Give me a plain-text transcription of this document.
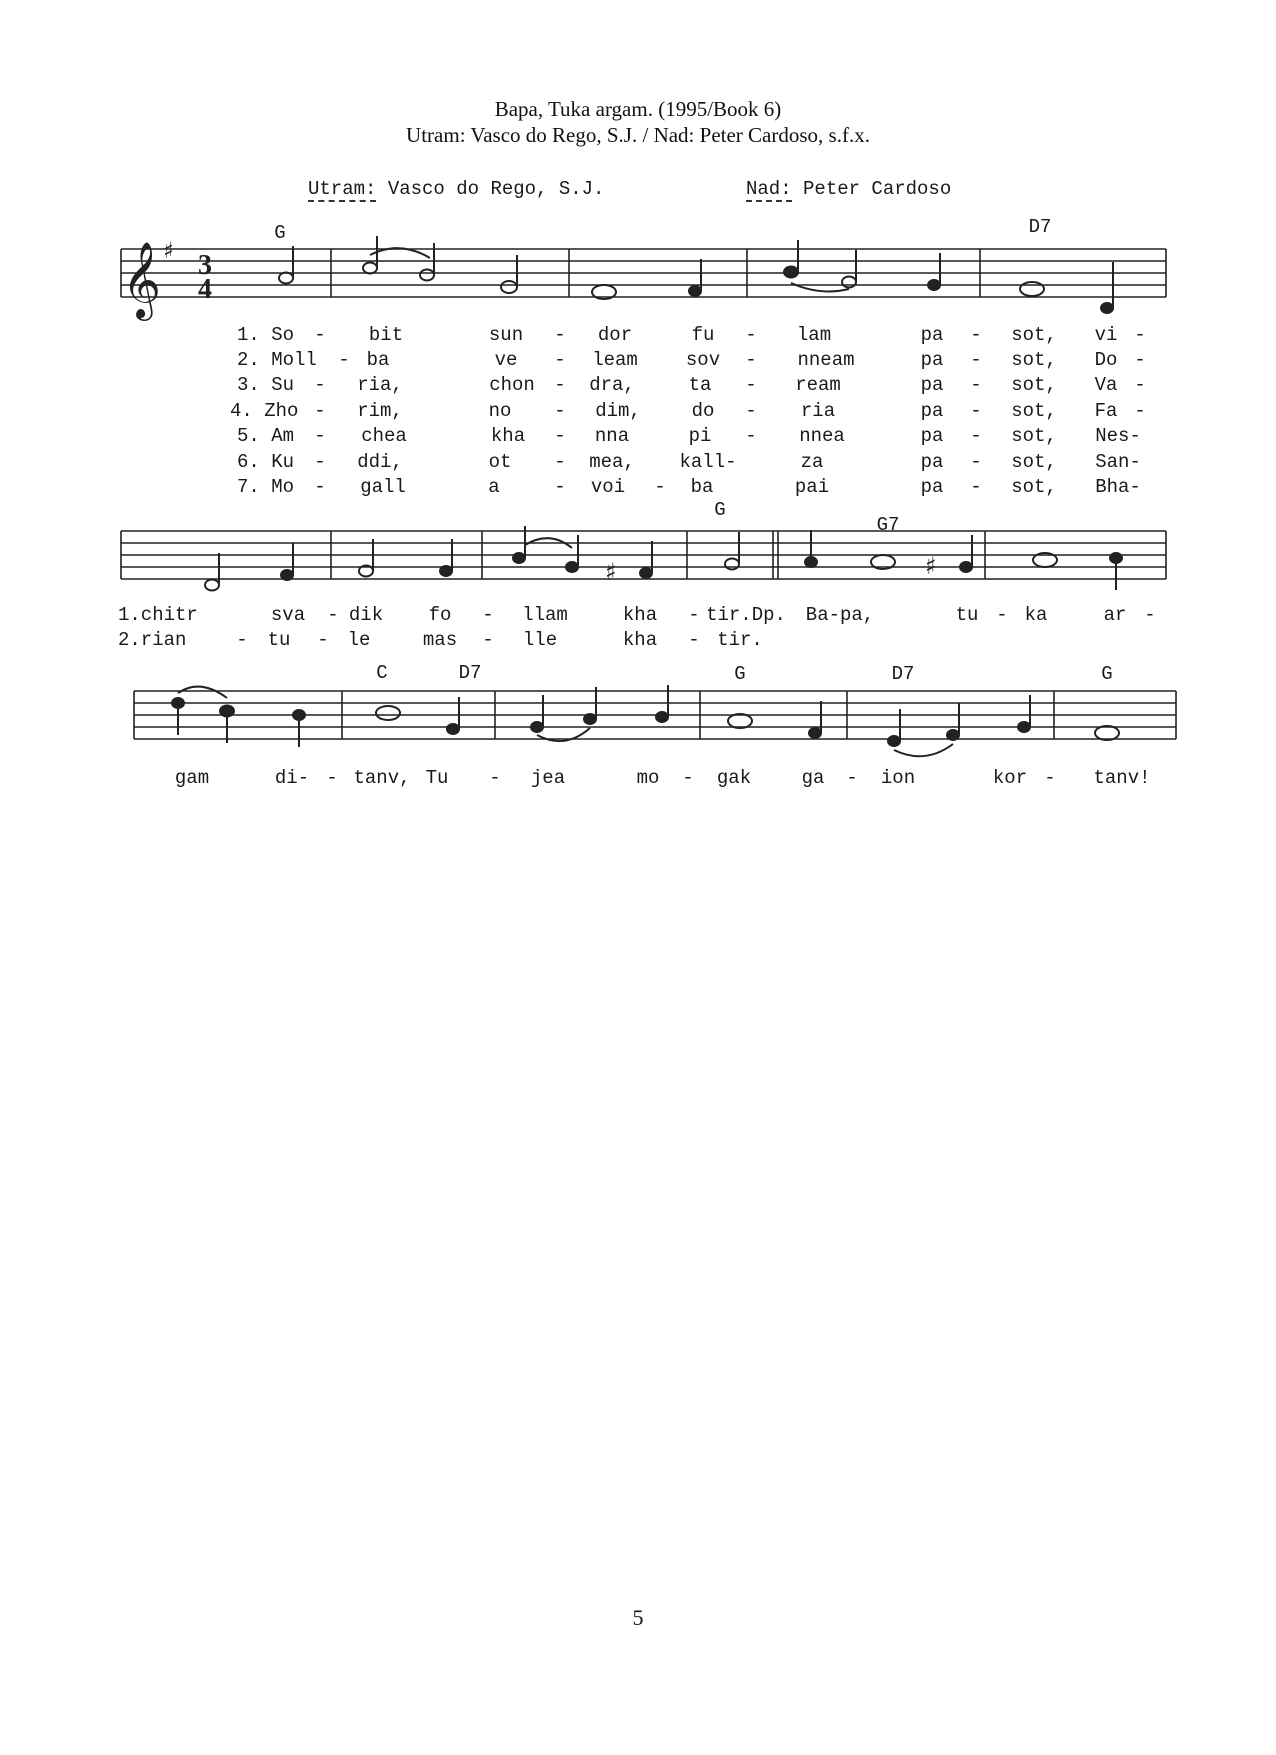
Bapa, Tuka argam. (1995/Book 6)
Utram: Vasco do Rego, S.J. / Nad: Peter Cardoso, s.f.x.
Utram: Vasco do Rego, S.J.	Nad: Peter Cardoso
G	D7
G
G7
C	D7	G	D7	G
𝄞 ♯ 3
4
♯	♯
1. So - bit	sun - dor	fu - lam	pa - sot, vi -
2. Moll - ba	ve - leam	sov - nneam	pa - sot, Do -
3. Su - ria,	chon - dra,	ta - ream	pa - sot, Va -
4. Zho - rim,	no - dim,	do - ria	pa - sot, Fa -
5. Am - chea	kha - nna	pi - nnea	pa - sot, Nes-
6. Ku - ddi,	ot - mea, kall-	za	pa - sot, San-
7. Mo - gall	a	- voi - ba	pai	pa - sot, Bha-
1.chitr	sva - dik fo - llam	kha - tir.Dp. Ba-pa,	tu - ka	ar -
2.rian	- tu - le	mas - lle	kha - tir.
gam	di- - tanv, Tu - jea	mo - gak	ga - ion	kor - tanv!
5
